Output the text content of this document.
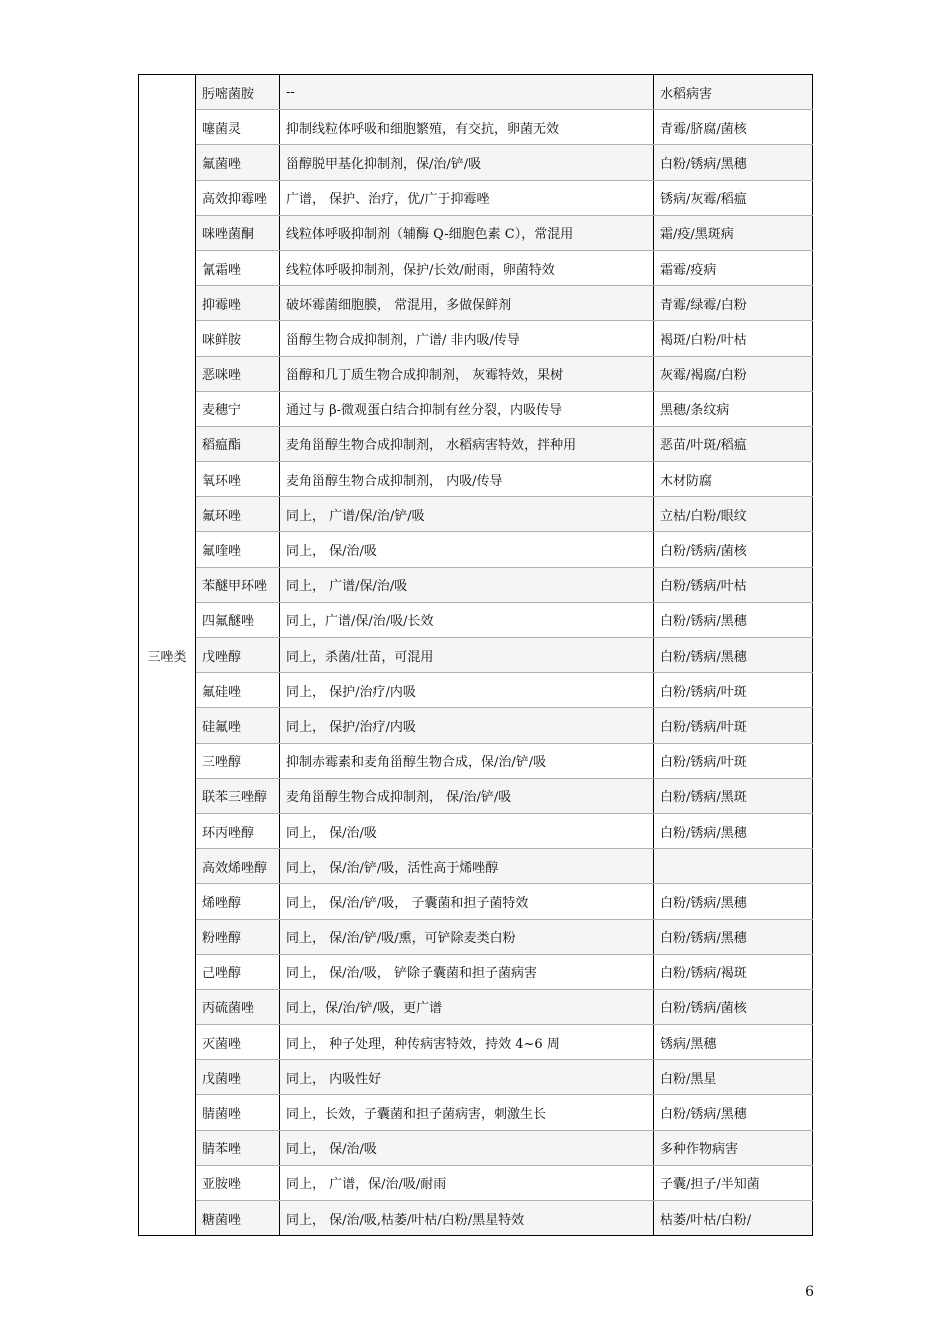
三唑类	肟嘧菌胺	--	水稻病害
	噻菌灵	抑制线粒体呼吸和细胞繁殖，有交抗，卵菌无效	青霉/脐腐/菌核
	氟菌唑	甾醇脱甲基化抑制剂，保/治/铲/吸	白粉/锈病/黑穗
	高效抑霉唑	广谱， 保护、治疗，优/广于抑霉唑	锈病/灰霉/稻瘟
	咪唑菌酮	线粒体呼吸抑制剂（辅酶 Q-细胞色素 C），常混用	霜/疫/黑斑病
	氰霜唑	线粒体呼吸抑制剂，保护/长效/耐雨，卵菌特效	霜霉/疫病
	抑霉唑	破坏霉菌细胞膜， 常混用，多做保鲜剂	青霉/绿霉/白粉
	咪鲜胺	甾醇生物合成抑制剂，广谱/ 非内吸/传导	褐斑/白粉/叶枯
	恶咪唑	甾醇和几丁质生物合成抑制剂， 灰霉特效，果树	灰霉/褐腐/白粉
	麦穗宁	通过与 β-微观蛋白结合抑制有丝分裂，内吸传导	黑穗/条纹病
	稻瘟酯	麦角甾醇生物合成抑制剂， 水稻病害特效，拌种用	恶苗/叶斑/稻瘟
	氧环唑	麦角甾醇生物合成抑制剂， 内吸/传导	木材防腐
	氟环唑	同上， 广谱/保/治/铲/吸	立枯/白粉/眼纹
	氟喹唑	同上， 保/治/吸	白粉/锈病/菌核
	苯醚甲环唑	同上， 广谱/保/治/吸	白粉/锈病/叶枯
	四氟醚唑	同上，广谱/保/治/吸/长效	白粉/锈病/黑穗
	戊唑醇	同上，杀菌/壮苗，可混用	白粉/锈病/黑穗
	氟硅唑	同上， 保护/治疗/内吸	白粉/锈病/叶斑
	硅氟唑	同上， 保护/治疗/内吸	白粉/锈病/叶斑
	三唑醇	抑制赤霉素和麦角甾醇生物合成，保/治/铲/吸	白粉/锈病/叶斑
	联苯三唑醇	麦角甾醇生物合成抑制剂， 保/治/铲/吸	白粉/锈病/黑斑
	环丙唑醇	同上， 保/治/吸	白粉/锈病/黑穗
	高效烯唑醇	同上， 保/治/铲/吸，活性高于烯唑醇	
	烯唑醇	同上， 保/治/铲/吸， 子囊菌和担子菌特效	白粉/锈病/黑穗
	粉唑醇	同上， 保/治/铲/吸/熏，可铲除麦类白粉	白粉/锈病/黑穗
	己唑醇	同上， 保/治/吸， 铲除子囊菌和担子菌病害	白粉/锈病/褐斑
	丙硫菌唑	同上，保/治/铲/吸，更广谱	白粉/锈病/菌核
	灭菌唑	同上， 种子处理，种传病害特效，持效 4~6 周	锈病/黑穗
	戊菌唑	同上， 内吸性好	白粉/黑星
	腈菌唑	同上，长效，子囊菌和担子菌病害，刺激生长	白粉/锈病/黑穗
	腈苯唑	同上， 保/治/吸	多种作物病害
	亚胺唑	同上， 广谱，保/治/吸/耐雨	子囊/担子/半知菌
	糖菌唑	同上， 保/治/吸,枯萎/叶枯/白粉/黑星特效	枯萎/叶枯/白粉/
6
